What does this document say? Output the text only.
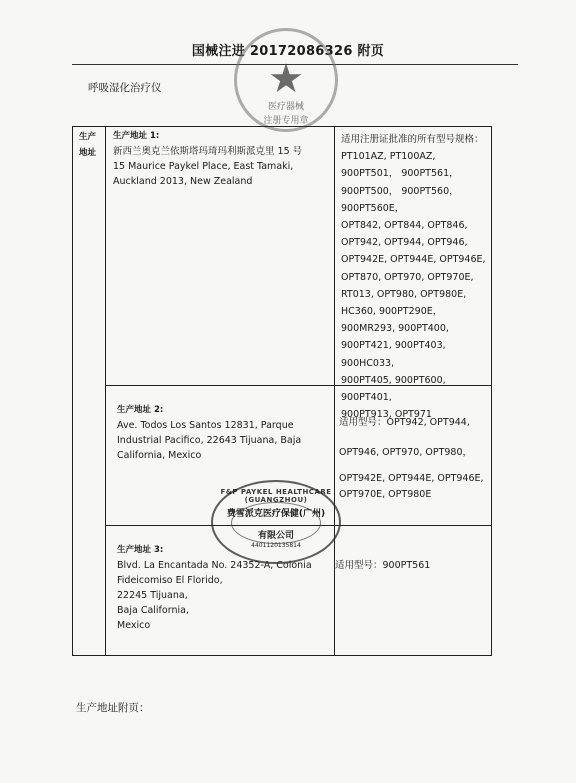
国械注进 20172086326 附页
呼吸湿化治疗仪	★
医疗器械
注册专用章
生产
地址
生产地址 1:
新西兰奥克兰依斯塔玛琦玛利斯派克里 15 号
15 Maurice Paykel Place, East Tamaki,
Auckland 2013, New Zealand
适用注册证批准的所有型号规格：
PT101AZ, PT100AZ,
900PT501， 900PT561，
900PT500， 900PT560，
900PT560E，
OPT842, OPT844, OPT846,
OPT942, OPT944, OPT946,
OPT942E, OPT944E, OPT946E,
OPT870, OPT970, OPT970E,
RT013, OPT980, OPT980E,
HC360, 900PT290E，
900MR293, 900PT400,
900PT421, 900PT403, 900HC033,
900PT405, 900PT600, 900PT401,
900PT913, OPT971
生产地址 2:
Ave. Todos Los Santos 12831, Parque
Industrial Pacifico, 22643 Tijuana, Baja
California, Mexico
适用型号：OPT942, OPT944,
OPT946, OPT970, OPT980，
OPT942E, OPT944E, OPT946E,
OPT970E, OPT980E
生产地址 3:
Blvd. La Encantada No. 24352-A, Colonia
Fideicomiso El Florido,
22245 Tijuana,
Baja California,
Mexico
适用型号：900PT561
F&P PAYKEL HEALTHCARE (GUANGZHOU)
费雪派克医疗保健(广州)
有限公司
4401120135814
生产地址附页：
